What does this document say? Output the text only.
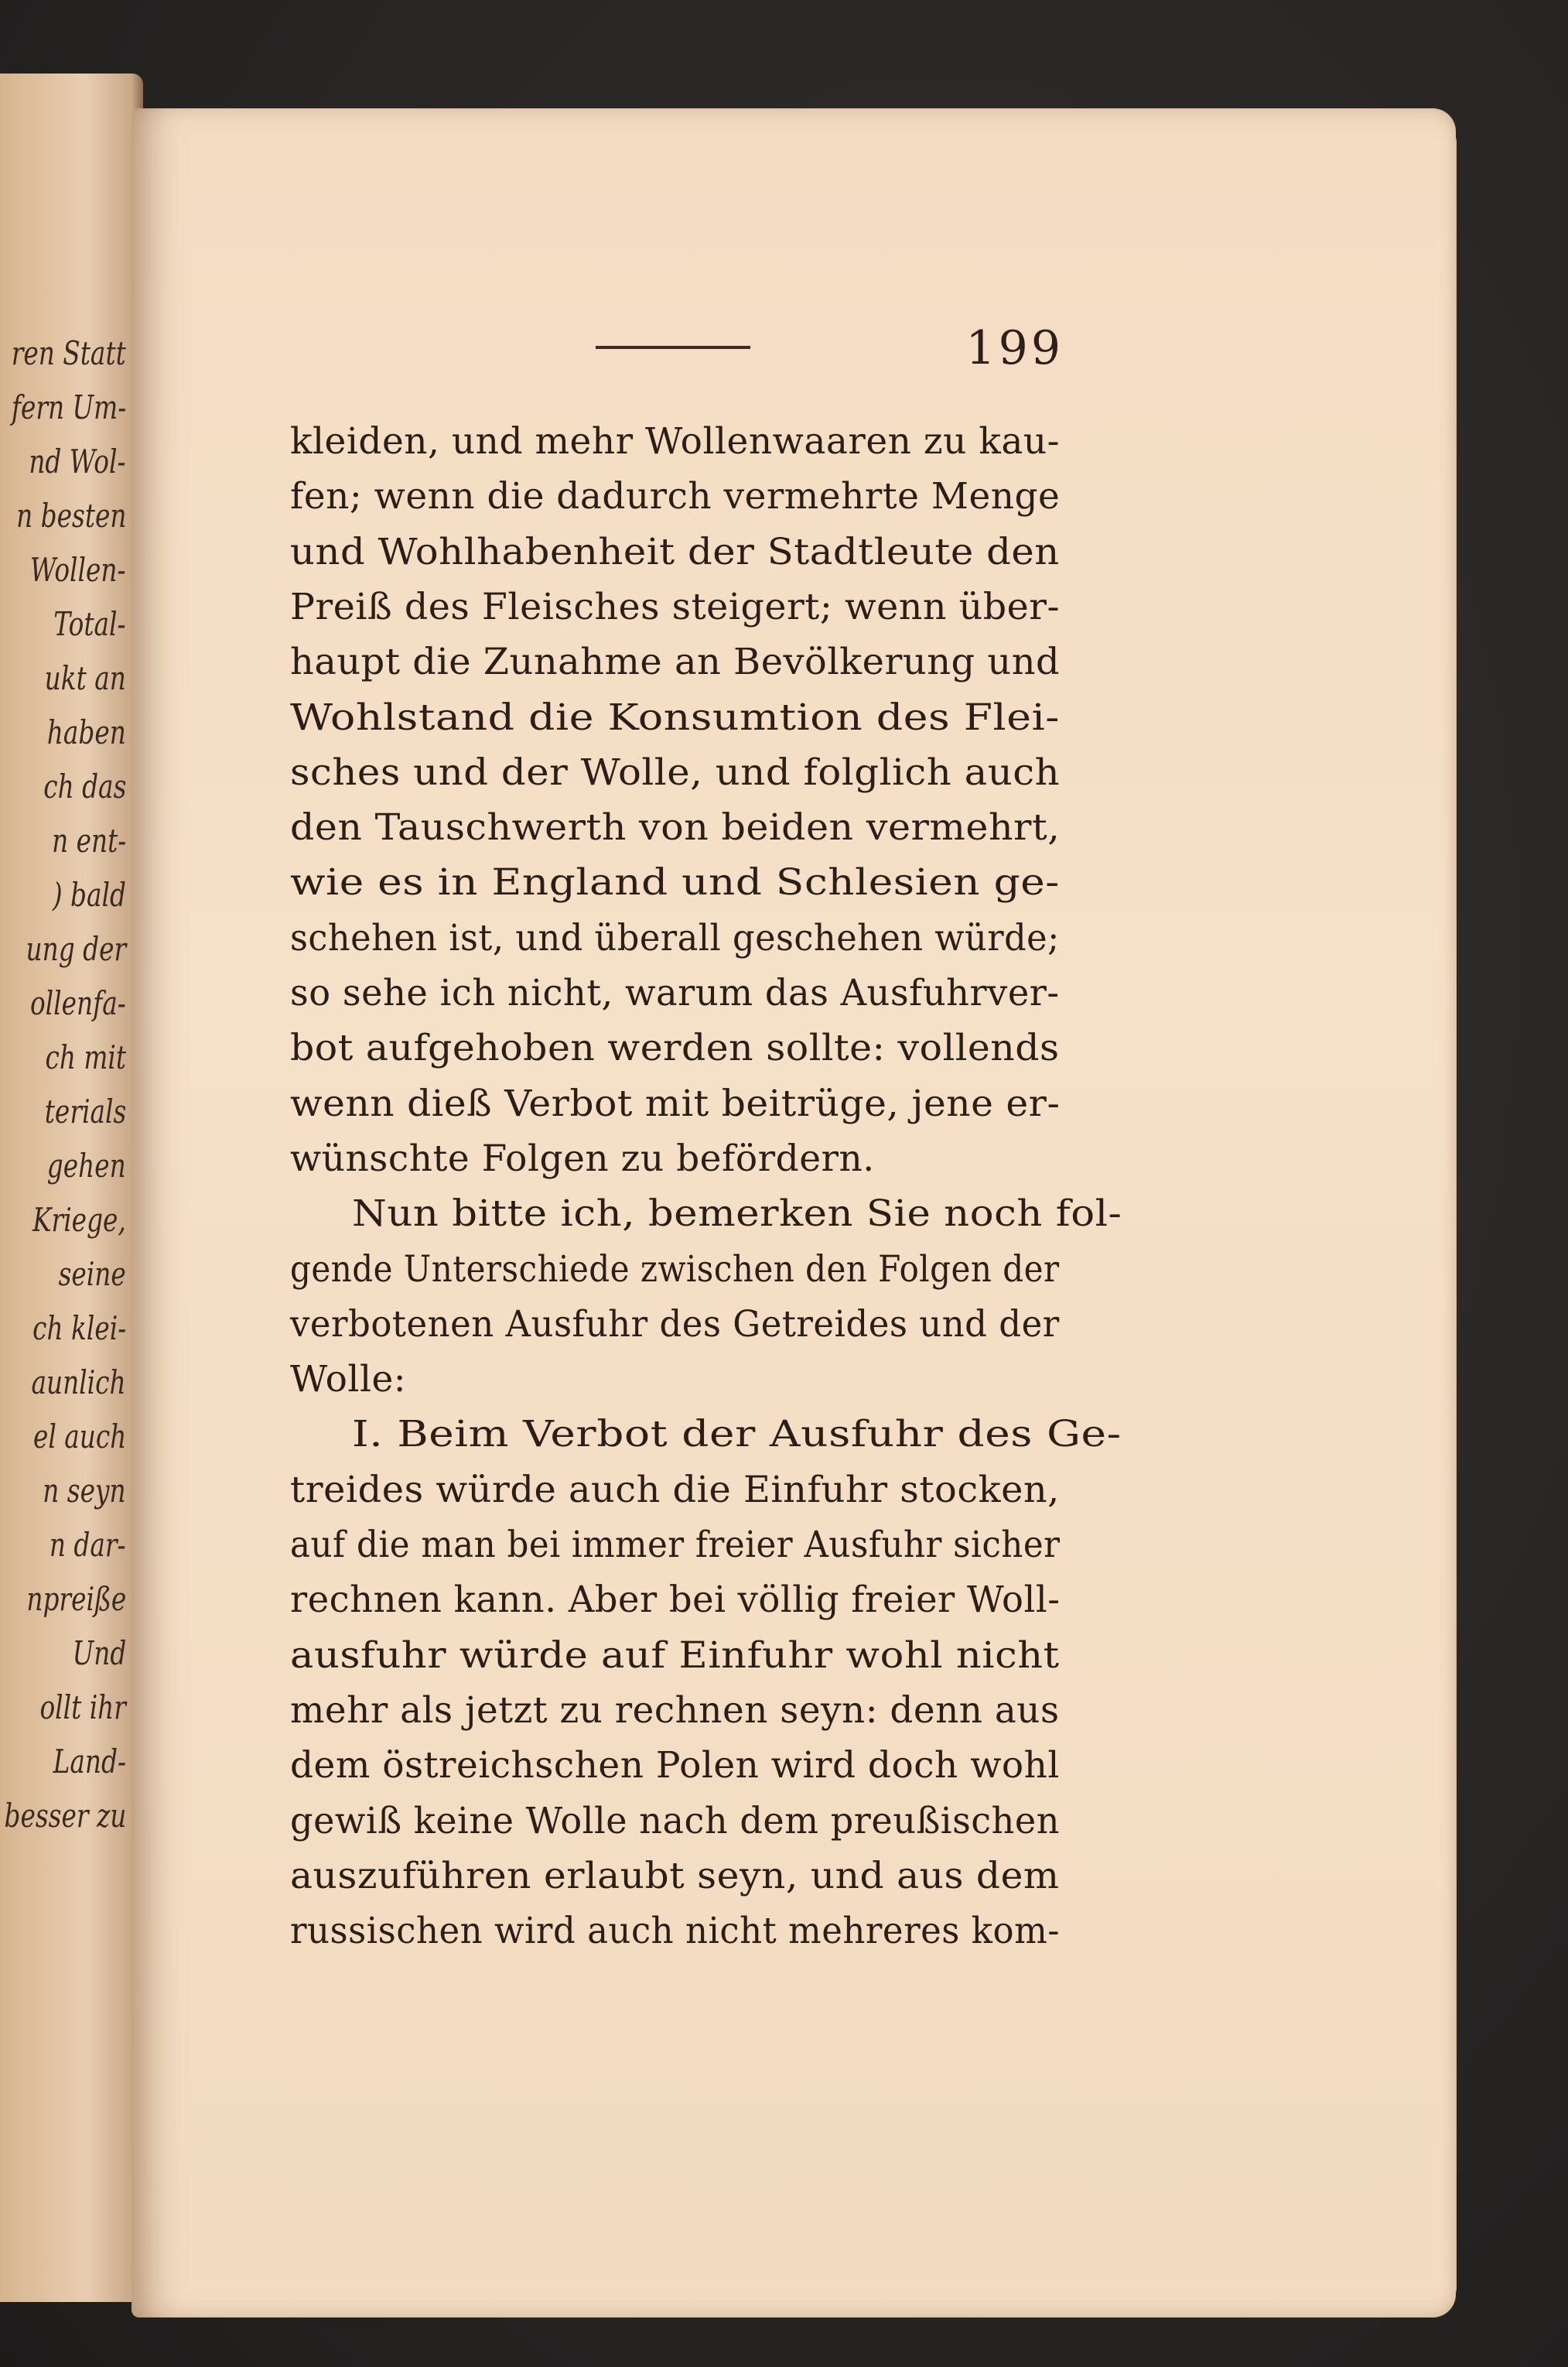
ren Statt
fern Um-
nd Wol-
n besten
Wollen-
Total-
ukt an
haben
ch das
n ent-
) bald
ung der
ollenfa-
ch mit
terials
gehen
Kriege,
seine
ch klei-
aunlich
el auch
n seyn
n dar-
npreiße
Und
ollt ihr
Land-
besser zu
199
kleiden, und mehr Wollenwaaren zu kau-
fen; wenn die dadurch vermehrte Menge
und Wohlhabenheit der Stadtleute den
Preiß des Fleisches steigert; wenn über-
haupt die Zunahme an Bevölkerung und
Wohlstand die Konsumtion des Flei-
sches und der Wolle, und folglich auch
den Tauschwerth von beiden vermehrt,
wie es in England und Schlesien ge-
schehen ist, und überall geschehen würde;
so sehe ich nicht, warum das Ausfuhrver-
bot aufgehoben werden sollte: vollends
wenn dieß Verbot mit beitrüge, jene er-
wünschte Folgen zu befördern.
Nun bitte ich, bemerken Sie noch fol-
gende Unterschiede zwischen den Folgen der
verbotenen Ausfuhr des Getreides und der
Wolle:
I. Beim Verbot der Ausfuhr des Ge-
treides würde auch die Einfuhr stocken,
auf die man bei immer freier Ausfuhr sicher
rechnen kann. Aber bei völlig freier Woll-
ausfuhr würde auf Einfuhr wohl nicht
mehr als jetzt zu rechnen seyn: denn aus
dem östreichschen Polen wird doch wohl
gewiß keine Wolle nach dem preußischen
auszuführen erlaubt seyn, und aus dem
russischen wird auch nicht mehreres kom-
